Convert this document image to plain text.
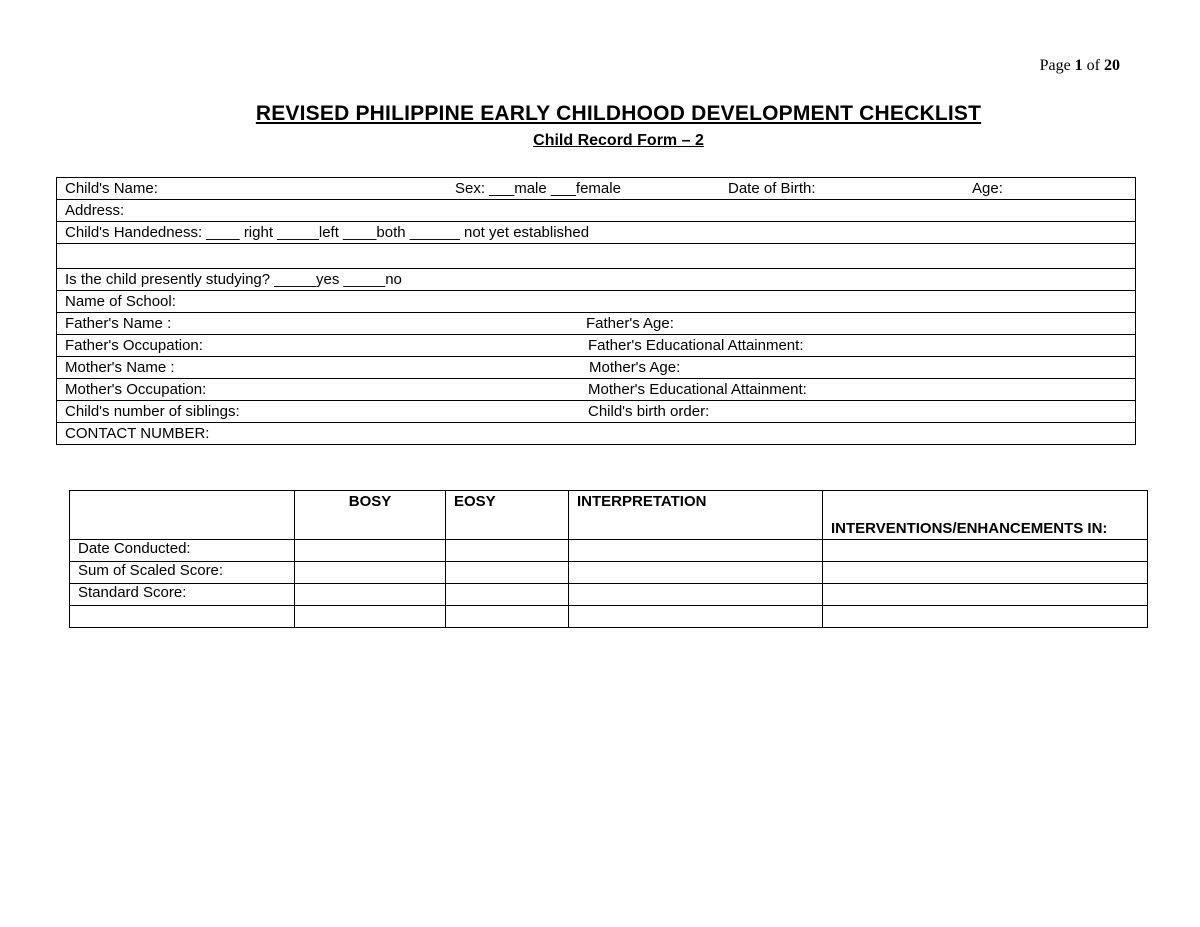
Page 1 of 20
REVISED PHILIPPINE EARLY CHILDHOOD DEVELOPMENT CHECKLIST
Child Record Form – 2
Child's Name:	Sex: ___male ___female	Date of Birth:	Age:
Address:
Child's Handedness: ____ right _____left ____both ______ not yet established
Is the child presently studying? _____yes _____no
Name of School:
Father's Name :	Father's Age:
Father's Occupation:	Father's Educational Attainment:
Mother's Name :	Mother's Age:
Mother's Occupation:	Mother's Educational Attainment:
Child's number of siblings:	Child's birth order:
CONTACT NUMBER:
	BOSY	EOSY	INTERPRETATION	INTERVENTIONS/ENHANCEMENTS IN:
Date Conducted:				
Sum of Scaled Score:				
Standard Score:				
